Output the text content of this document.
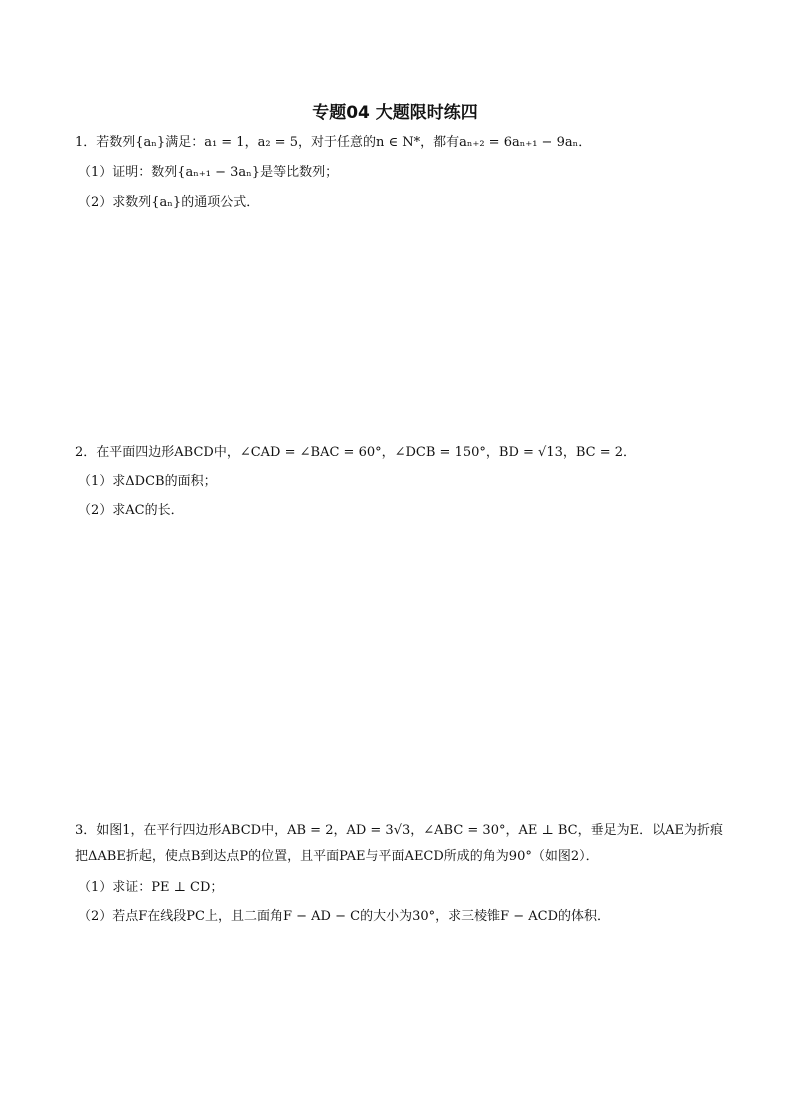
专题04 大题限时练四
1．若数列{aₙ}满足：a₁ = 1，a₂ = 5，对于任意的n ∈ N*，都有aₙ₊₂ = 6aₙ₊₁ − 9aₙ．
（1）证明：数列{aₙ₊₁ − 3aₙ}是等比数列；
（2）求数列{aₙ}的通项公式．
2．在平面四边形ABCD中，∠CAD = ∠BAC = 60°，∠DCB = 150°，BD = √13，BC = 2．
（1）求ΔDCB的面积；
（2）求AC的长．
3．如图1，在平行四边形ABCD中，AB = 2，AD = 3√3，∠ABC = 30°，AE ⊥ BC，垂足为E．以AE为折痕把ΔABE折起，使点B到达点P的位置，且平面PAE与平面AECD所成的角为90°（如图2）．
（1）求证：PE ⊥ CD；
（2）若点F在线段PC上，且二面角F − AD − C的大小为30°，求三棱锥F − ACD的体积．
